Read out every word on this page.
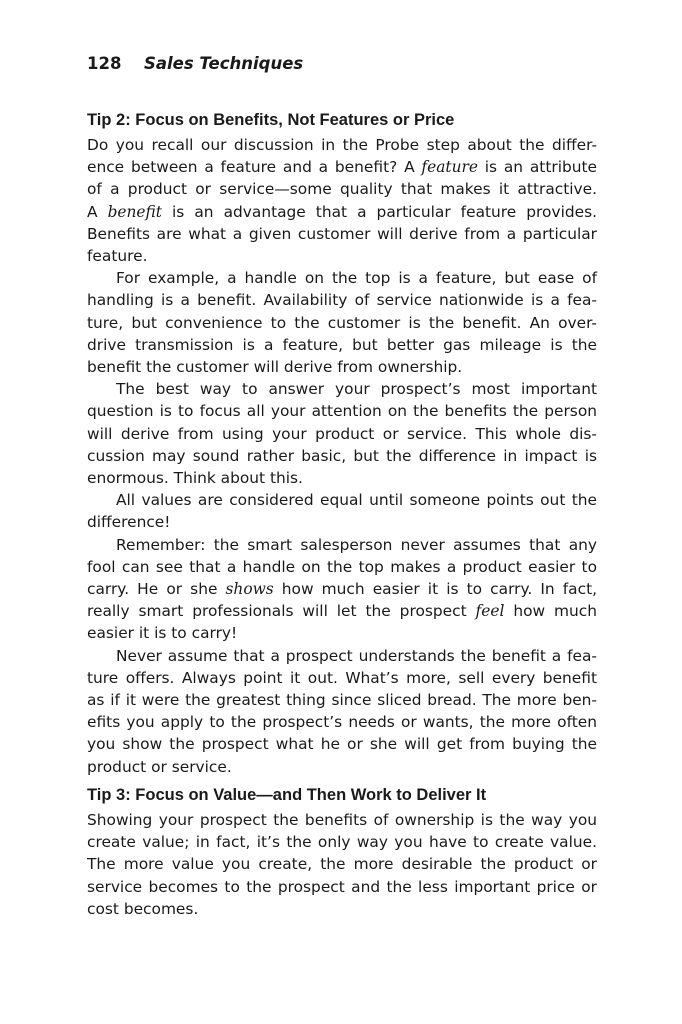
128 Sales Techniques
Tip 2: Focus on Benefits, Not Features or Price

Do you recall our discussion in the Probe step about the differ-
ence between a feature and a benefit? A feature is an attribute
of a product or service—some quality that makes it attractive.
A benefit is an advantage that a particular feature provides.
Benefits are what a given customer will derive from a particular
feature.

For example, a handle on the top is a feature, but ease of
handling is a benefit. Availability of service nationwide is a fea-
ture, but convenience to the customer is the benefit. An over-
drive transmission is a feature, but better gas mileage is the
benefit the customer will derive from ownership.

The best way to answer your prospect’s most important
question is to focus all your attention on the benefits the person
will derive from using your product or service. This whole dis-
cussion may sound rather basic, but the difference in impact is
enormous. Think about this.

All values are considered equal until someone points out the
difference!

Remember: the smart salesperson never assumes that any
fool can see that a handle on the top makes a product easier to
carry. He or she shows how much easier it is to carry. In fact,
really smart professionals will let the prospect feel how much
easier it is to carry!

Never assume that a prospect understands the benefit a fea-
ture offers. Always point it out. What’s more, sell every benefit
as if it were the greatest thing since sliced bread. The more ben-
efits you apply to the prospect’s needs or wants, the more often
you show the prospect what he or she will get from buying the
product or service.

Tip 3: Focus on Value—and Then Work to Deliver It

Showing your prospect the benefits of ownership is the way you
create value; in fact, it’s the only way you have to create value.
The more value you create, the more desirable the product or
service becomes to the prospect and the less important price or
cost becomes.
